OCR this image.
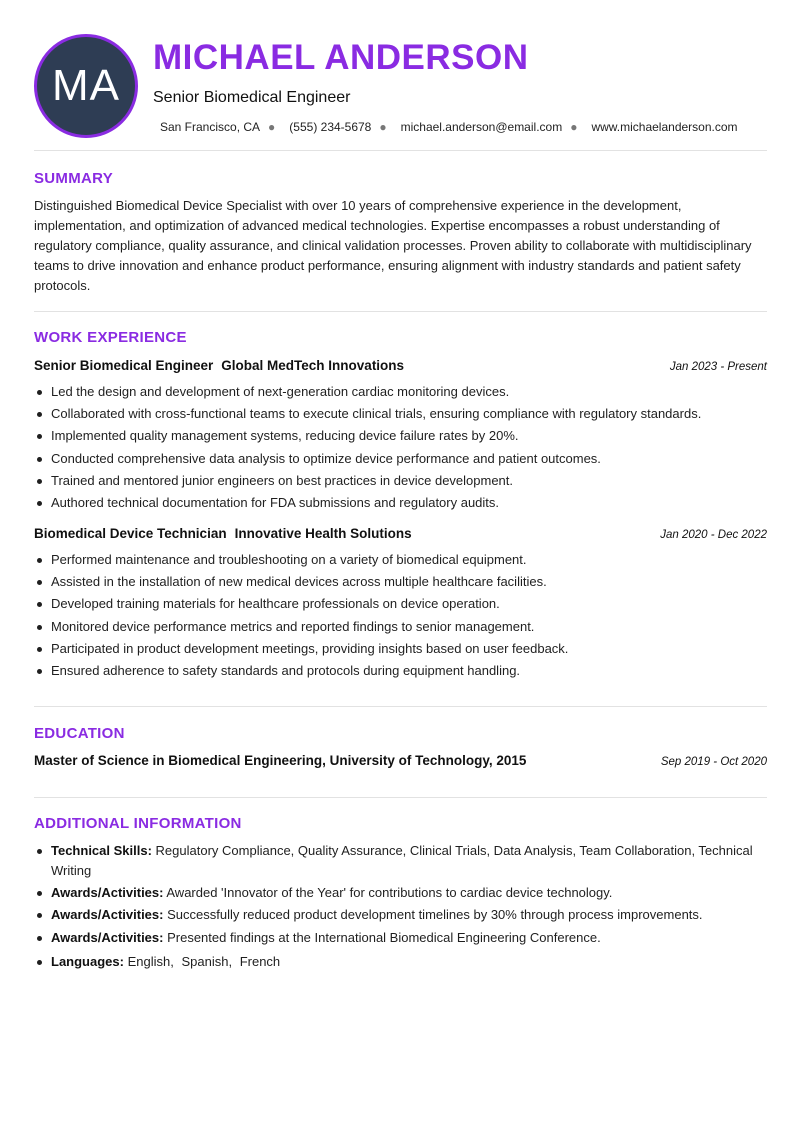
MA
MICHAEL ANDERSON
Senior Biomedical Engineer
San Francisco, CA ● (555) 234-5678 ● michael.anderson@email.com ● www.michaelanderson.com
SUMMARY

Distinguished Biomedical Device Specialist with over 10 years of comprehensive experience in the development, implementation, and optimization of advanced medical technologies. Expertise encompasses a robust understanding of regulatory compliance, quality assurance, and clinical validation processes. Proven ability to collaborate with multidisciplinary teams to drive innovation and enhance product performance, ensuring alignment with industry standards and patient safety protocols.

WORK EXPERIENCE
Senior Biomedical Engineer Global MedTech Innovations	Jan 2023 - Present
Led the design and development of next-generation cardiac monitoring devices.
Collaborated with cross-functional teams to execute clinical trials, ensuring compliance with regulatory standards.
Implemented quality management systems, reducing device failure rates by 20%.
Conducted comprehensive data analysis to optimize device performance and patient outcomes.
Trained and mentored junior engineers on best practices in device development.
Authored technical documentation for FDA submissions and regulatory audits.
Biomedical Device Technician Innovative Health Solutions	Jan 2020 - Dec 2022
Performed maintenance and troubleshooting on a variety of biomedical equipment.
Assisted in the installation of new medical devices across multiple healthcare facilities.
Developed training materials for healthcare professionals on device operation.
Monitored device performance metrics and reported findings to senior management.
Participated in product development meetings, providing insights based on user feedback.
Ensured adherence to safety standards and protocols during equipment handling.
EDUCATION
Master of Science in Biomedical Engineering, University of Technology, 2015	Sep 2019 - Oct 2020
ADDITIONAL INFORMATION
Technical Skills: Regulatory Compliance, Quality Assurance, Clinical Trials, Data Analysis, Team Collaboration, Technical Writing
Awards/Activities: Awarded 'Innovator of the Year' for contributions to cardiac device technology.
Awards/Activities: Successfully reduced product development timelines by 30% through process improvements.
Awards/Activities: Presented findings at the International Biomedical Engineering Conference.
Languages: English, Spanish, French
